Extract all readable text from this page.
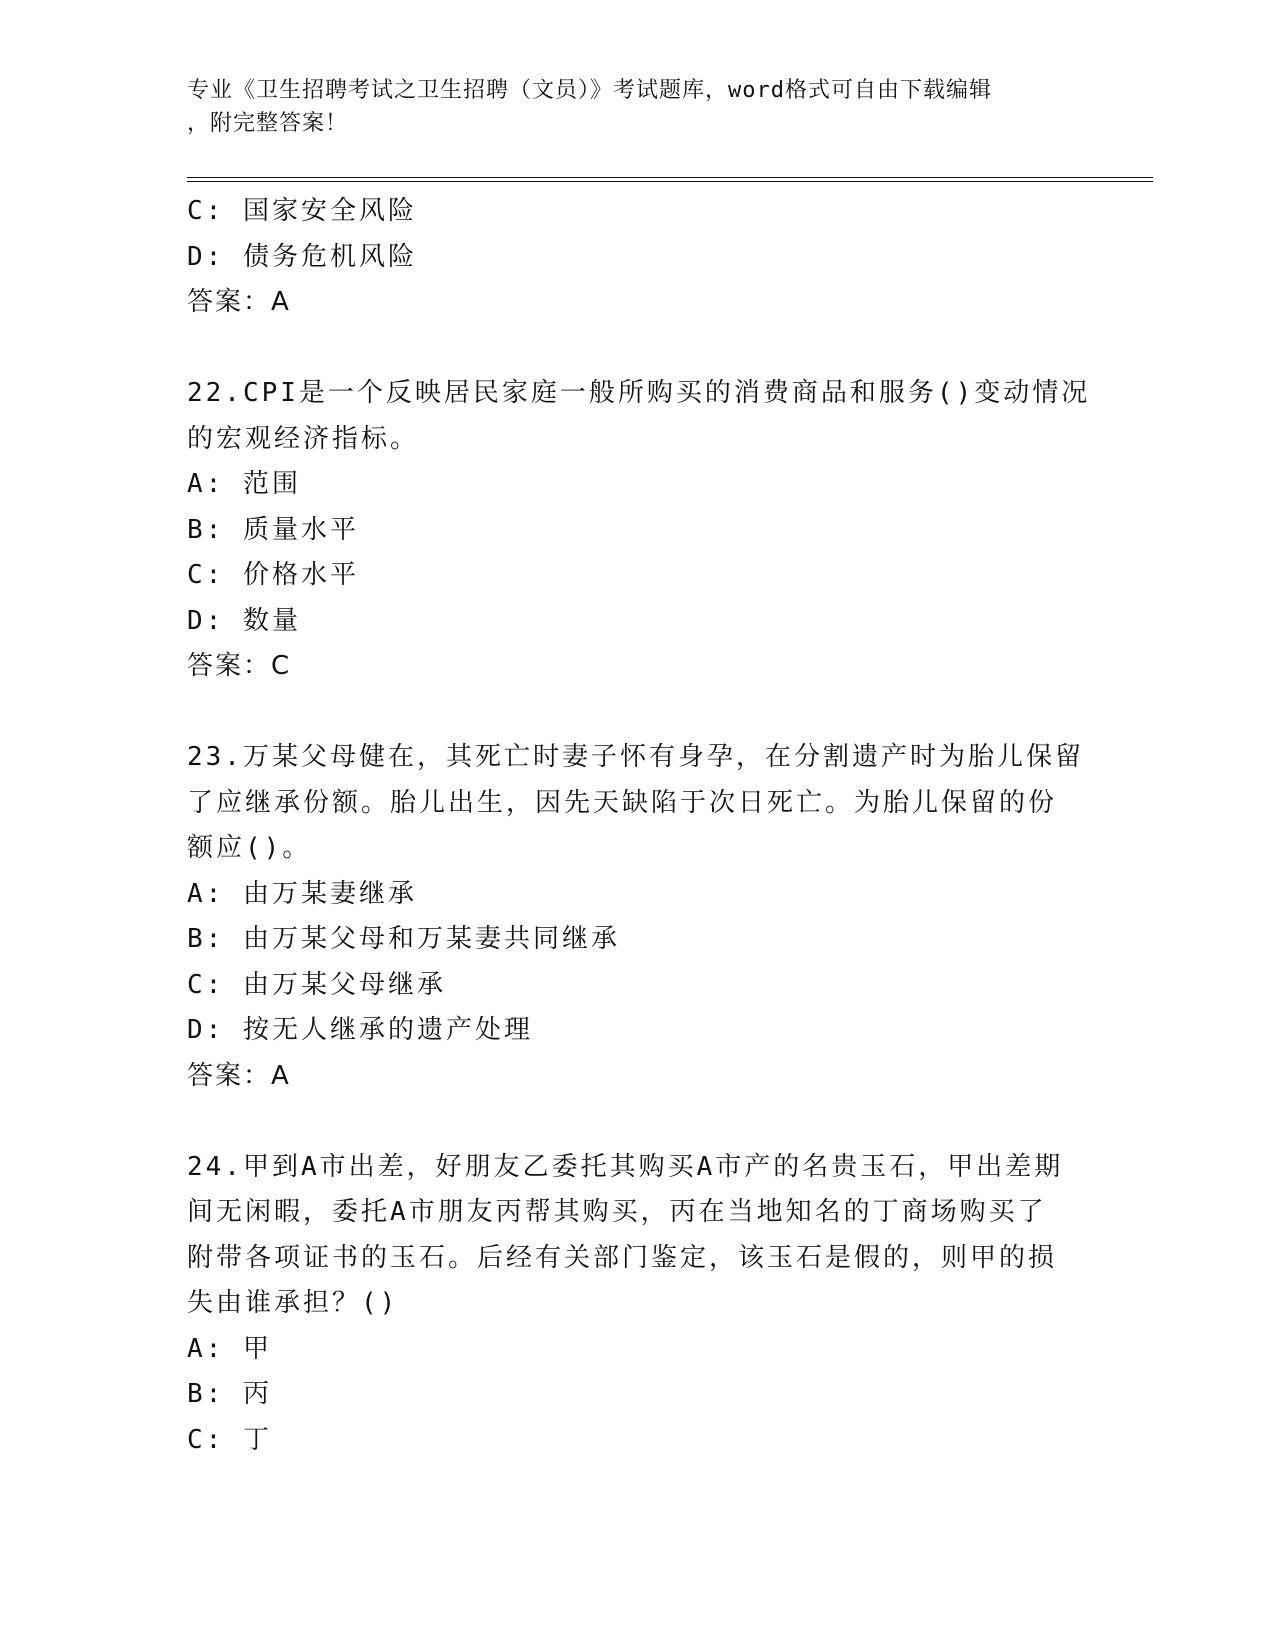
专业《卫生招聘考试之卫生招聘（文员）》考试题库，word格式可自由下载编辑
，附完整答案！
C: 国家安全风险
D: 债务危机风险
答案：A
22.CPI是一个反映居民家庭一般所购买的消费商品和服务()变动情况
的宏观经济指标。
A: 范围
B: 质量水平
C: 价格水平
D: 数量
答案：C
23.万某父母健在，其死亡时妻子怀有身孕，在分割遗产时为胎儿保留
了应继承份额。胎儿出生，因先天缺陷于次日死亡。为胎儿保留的份
额应()。
A: 由万某妻继承
B: 由万某父母和万某妻共同继承
C: 由万某父母继承
D: 按无人继承的遗产处理
答案：A
24.甲到A市出差，好朋友乙委托其购买A市产的名贵玉石，甲出差期
间无闲暇，委托A市朋友丙帮其购买，丙在当地知名的丁商场购买了
附带各项证书的玉石。后经有关部门鉴定，该玉石是假的，则甲的损
失由谁承担？()
A: 甲
B: 丙
C: 丁
